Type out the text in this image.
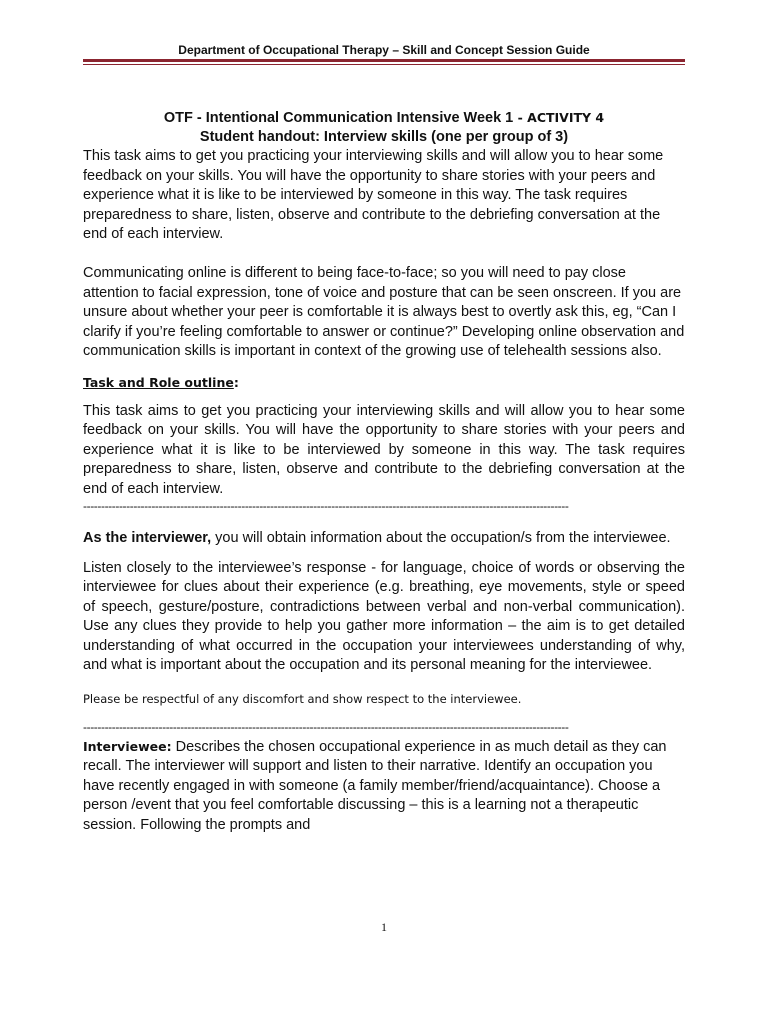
Department of Occupational Therapy – Skill and Concept Session Guide
OTF - Intentional Communication Intensive Week 1 - ACTIVITY 4
Student handout: Interview skills (one per group of 3)

This task aims to get you practicing your interviewing skills and will allow you to hear some feedback on your skills. You will have the opportunity to share stories with your peers and experience what it is like to be interviewed by someone in this way. The task requires preparedness to share, listen, observe and contribute to the debriefing conversation at the end of each interview.

Communicating online is different to being face-to-face; so you will need to pay close attention to facial expression, tone of voice and posture that can be seen onscreen. If you are unsure about whether your peer is comfortable it is always best to overtly ask this, eg, “Can I clarify if you’re feeling comfortable to answer or continue?” Developing online observation and communication skills is important in context of the growing use of telehealth sessions also.

Task and Role outline:

This task aims to get you practicing your interviewing skills and will allow you to hear some feedback on your skills. You will have the opportunity to share stories with your peers and experience what it is like to be interviewed by someone in this way. The task requires preparedness to share, listen, observe and contribute to the debriefing conversation at the end of each interview.

---------------------------------------------------------------------------------------------------------------------------------------

As the interviewer, you will obtain information about the occupation/s from the interviewee.

Listen closely to the interviewee’s response - for language, choice of words or observing the interviewee for clues about their experience (e.g. breathing, eye movements, style or speed of speech, gesture/posture, contradictions between verbal and non-verbal communication). Use any clues they provide to help you gather more information – the aim is to get detailed understanding of what occurred in the occupation your interviewees understanding of why, and what is important about the occupation and its personal meaning for the interviewee.

Please be respectful of any discomfort and show respect to the interviewee.
---------------------------------------------------------------------------------------------------------------------------------------

Interviewee: Describes the chosen occupational experience in as much detail as they can recall. The interviewer will support and listen to their narrative. Identify an occupation you have recently engaged in with someone (a family member/friend/acquaintance). Choose a person /event that you feel comfortable discussing – this is a learning not a therapeutic session. Following the prompts and

1
